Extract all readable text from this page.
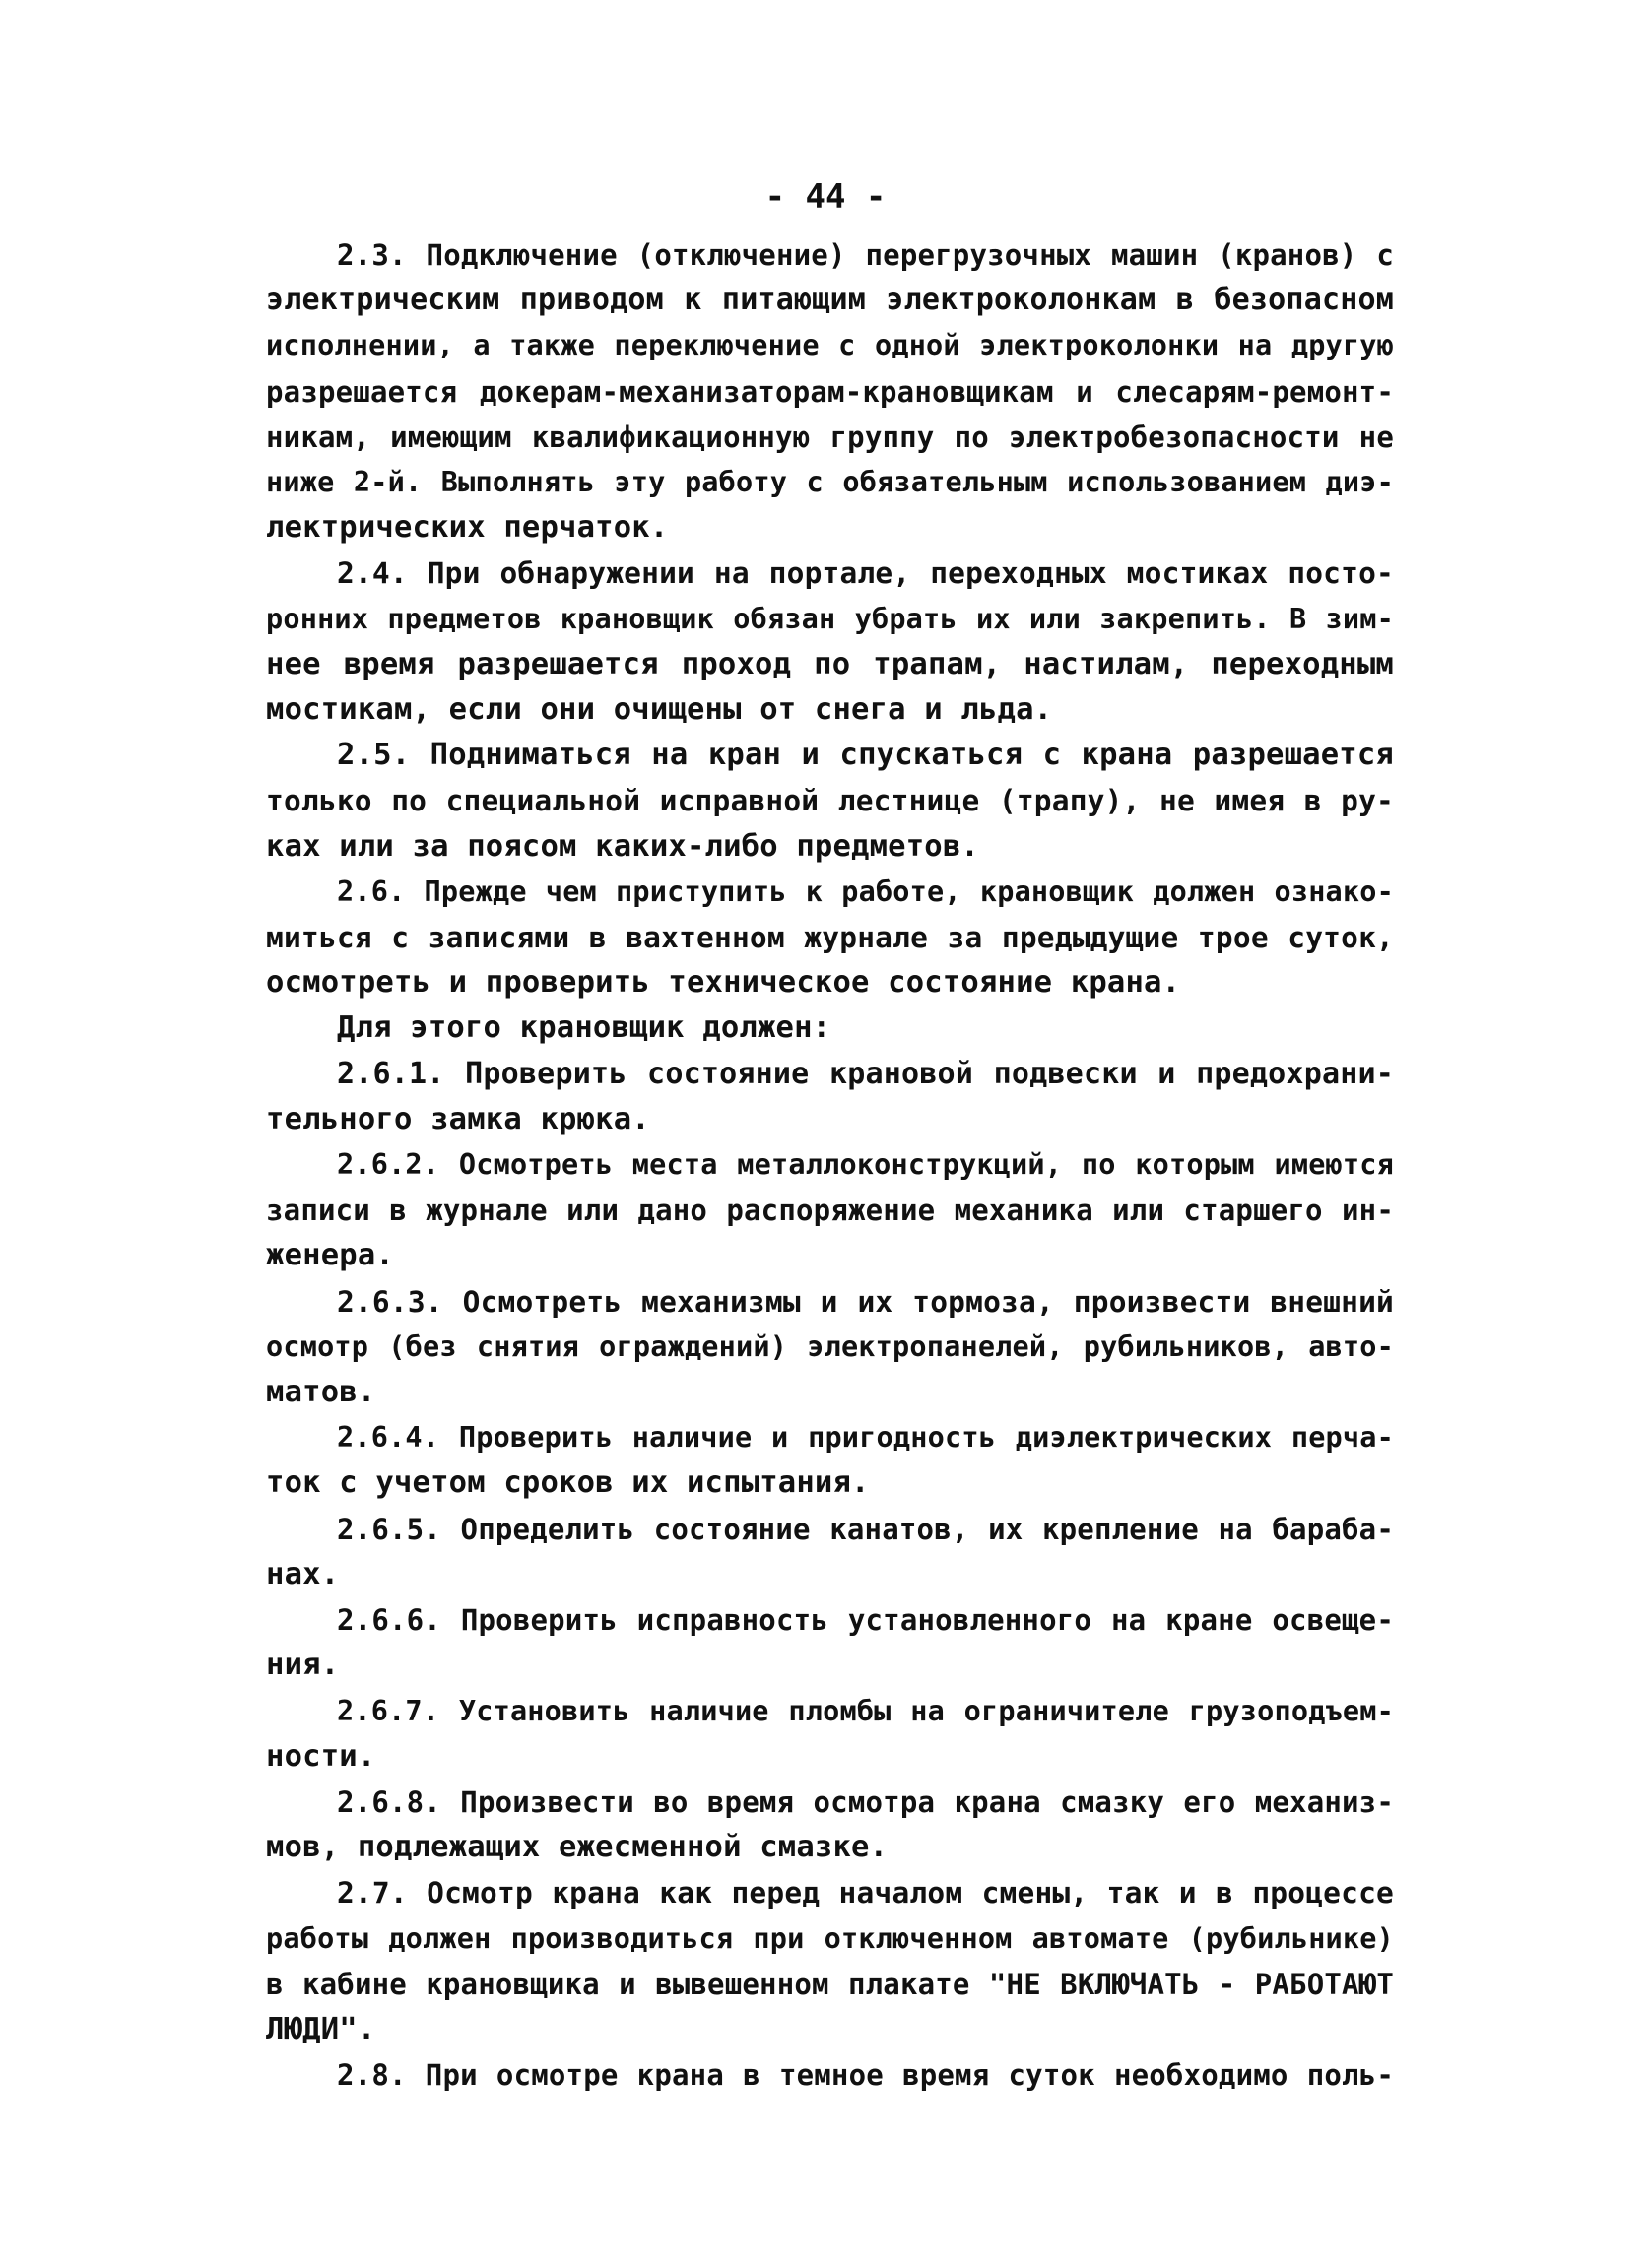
- 44 -
2.3. Подключение (отключение) перегрузочных машин (кранов) с
электрическим приводом к питающим электроколонкам в безопасном
исполнении, а также переключение с одной электроколонки на другую
разрешается докерам-механизаторам-крановщикам и слесарям-ремонт-
никам, имеющим квалификационную группу по электробезопасности не
ниже 2-й. Выполнять эту работу с обязательным использованием диэ-
лектрических перчаток.
2.4. При обнаружении на портале, переходных мостиках посто-
ронних предметов крановщик обязан убрать их или закрепить. В зим-
нее время разрешается проход по трапам, настилам, переходным
мостикам, если они очищены от снега и льда.
2.5. Подниматься на кран и спускаться с крана разрешается
только по специальной исправной лестнице (трапу), не имея в ру-
ках или за поясом каких-либо предметов.
2.6. Прежде чем приступить к работе, крановщик должен ознако-
миться с записями в вахтенном журнале за предыдущие трое суток,
осмотреть и проверить техническое состояние крана.
Для этого крановщик должен:
2.6.1. Проверить состояние крановой подвески и предохрани-
тельного замка крюка.
2.6.2. Осмотреть места металлоконструкций, по которым имеются
записи в журнале или дано распоряжение механика или старшего ин-
женера.
2.6.3. Осмотреть механизмы и их тормоза, произвести внешний
осмотр (без снятия ограждений) электропанелей, рубильников, авто-
матов.
2.6.4. Проверить наличие и пригодность диэлектрических перча-
ток с учетом сроков их испытания.
2.6.5. Определить состояние канатов, их крепление на бараба-
нах.
2.6.6. Проверить исправность установленного на кране освеще-
ния.
2.6.7. Установить наличие пломбы на ограничителе грузоподъем-
ности.
2.6.8. Произвести во время осмотра крана смазку его механиз-
мов, подлежащих ежесменной смазке.
2.7. Осмотр крана как перед началом смены, так и в процессе
работы должен производиться при отключенном автомате (рубильнике)
в кабине крановщика и вывешенном плакате "НЕ ВКЛЮЧАТЬ - РАБОТАЮТ
ЛЮДИ".
2.8. При осмотре крана в темное время суток необходимо поль-
